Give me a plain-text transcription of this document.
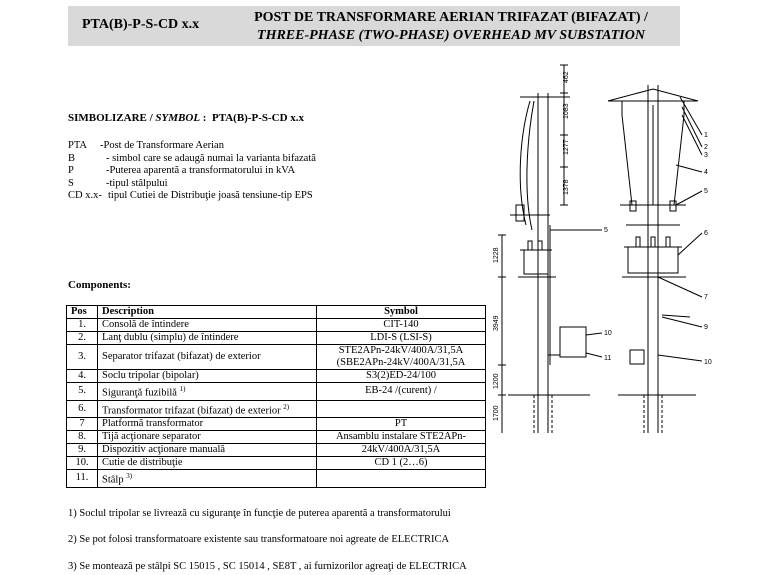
PTA(B)-P-S-CD x.x	POST DE TRANSFORMARE AERIAN TRIFAZAT (BIFAZAT) /
THREE-PHASE (TWO-PHASE) OVERHEAD MV SUBSTATION
SIMBOLIZARE / SYMBOL : PTA(B)-P-S-CD x.x
PTA -Post de Transformare Aerian
B	- simbol care se adaugă numai la varianta bifazată
P	-Puterea aparentă a transformatorului in kVA
S	-tipul stâlpului
CD x.x- tipul Cutiei de Distribuţie joasă tensiune-tip EPS
Components:
Pos	Description	Symbol
1.	Consolă de întindere	CIT-140
2.	Lanţ dublu (simplu) de întindere	LDI-S (LSI-S)
3.	Separator trifazat (bifazat) de exterior	STE2APn-24kV/400A/31,5A
(SBE2APn-24kV/400A/31,5A

4.	Soclu tripolar (bipolar)	S3(2)ED-24/100
5.	Siguranţă fuzibilă $^{1)}$	EB-24 /(curent) /
6.	Transformator trifazat (bifazat) de exterior $^{2)}$	
7	Platformă transformator	PT
8.	Tijă acţionare separator	Ansamblu instalare STE2APn-
9.	Dispozitiv acţionare manuală	24kV/400A/31,5A
10.	Cutie de distribuţie	CD 1 (2…6)
11.	Stâlp $^{3)}$	
1) Soclul tripolar se livrează cu siguranţe în funcţie de puterea aparentă a transformatorului
2) Se pot folosi transformatoare existente sau transformatoare noi agreate de ELECTRICA
3) Se montează pe stâlpi SC 15015 , SC 15014 , SE8T , ai furnizorilor agreaţi de ELECTRICA
462
1083
1277
1378
1228
3949
1200
1700
1
2
3
4
5
6
7
9
10
5
10
11
